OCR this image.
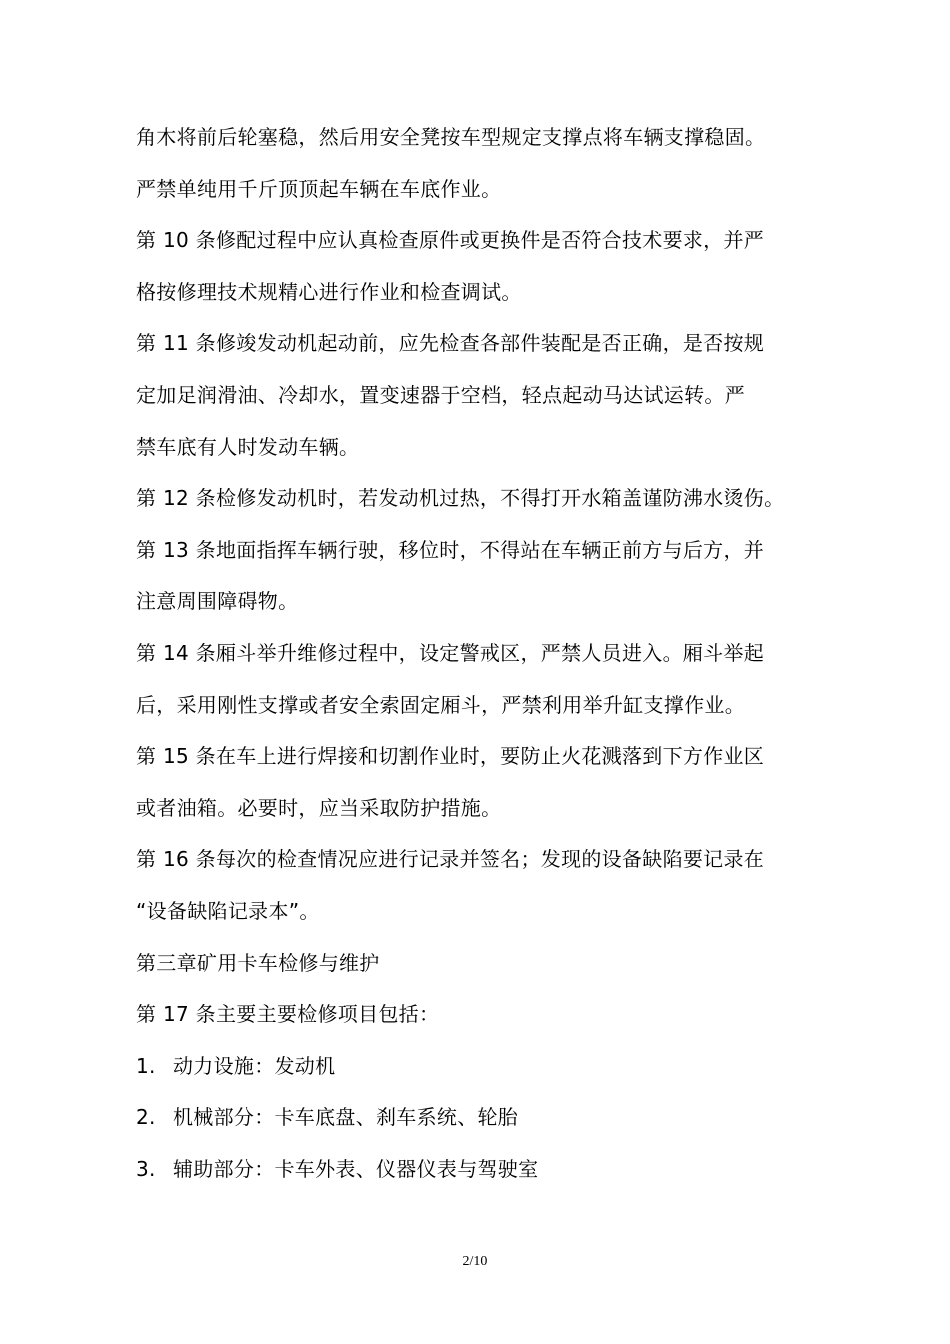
角木将前后轮塞稳，然后用安全凳按车型规定支撑点将车辆支撑稳固。
严禁单纯用千斤顶顶起车辆在车底作业。
第 10 条修配过程中应认真检查原件或更换件是否符合技术要求，并严
格按修理技术规精心进行作业和检查调试。
第 11 条修竣发动机起动前，应先检查各部件装配是否正确，是否按规
定加足润滑油、冷却水，置变速器于空档，轻点起动马达试运转。严
禁车底有人时发动车辆。
第 12 条检修发动机时，若发动机过热，不得打开水箱盖谨防沸水烫伤。
第 13 条地面指挥车辆行驶，移位时，不得站在车辆正前方与后方，并
注意周围障碍物。
第 14 条厢斗举升维修过程中，设定警戒区，严禁人员进入。厢斗举起
后，采用刚性支撑或者安全索固定厢斗，严禁利用举升缸支撑作业。
第 15 条在车上进行焊接和切割作业时，要防止火花溅落到下方作业区
或者油箱。必要时，应当采取防护措施。
第 16 条每次的检查情况应进行记录并签名；发现的设备缺陷要记录在
“设备缺陷记录本”。
第三章矿用卡车检修与维护
第 17 条主要主要检修项目包括：
1. 动力设施：发动机
2. 机械部分：卡车底盘、刹车系统、轮胎
3. 辅助部分：卡车外表、仪器仪表与驾驶室
2/10
